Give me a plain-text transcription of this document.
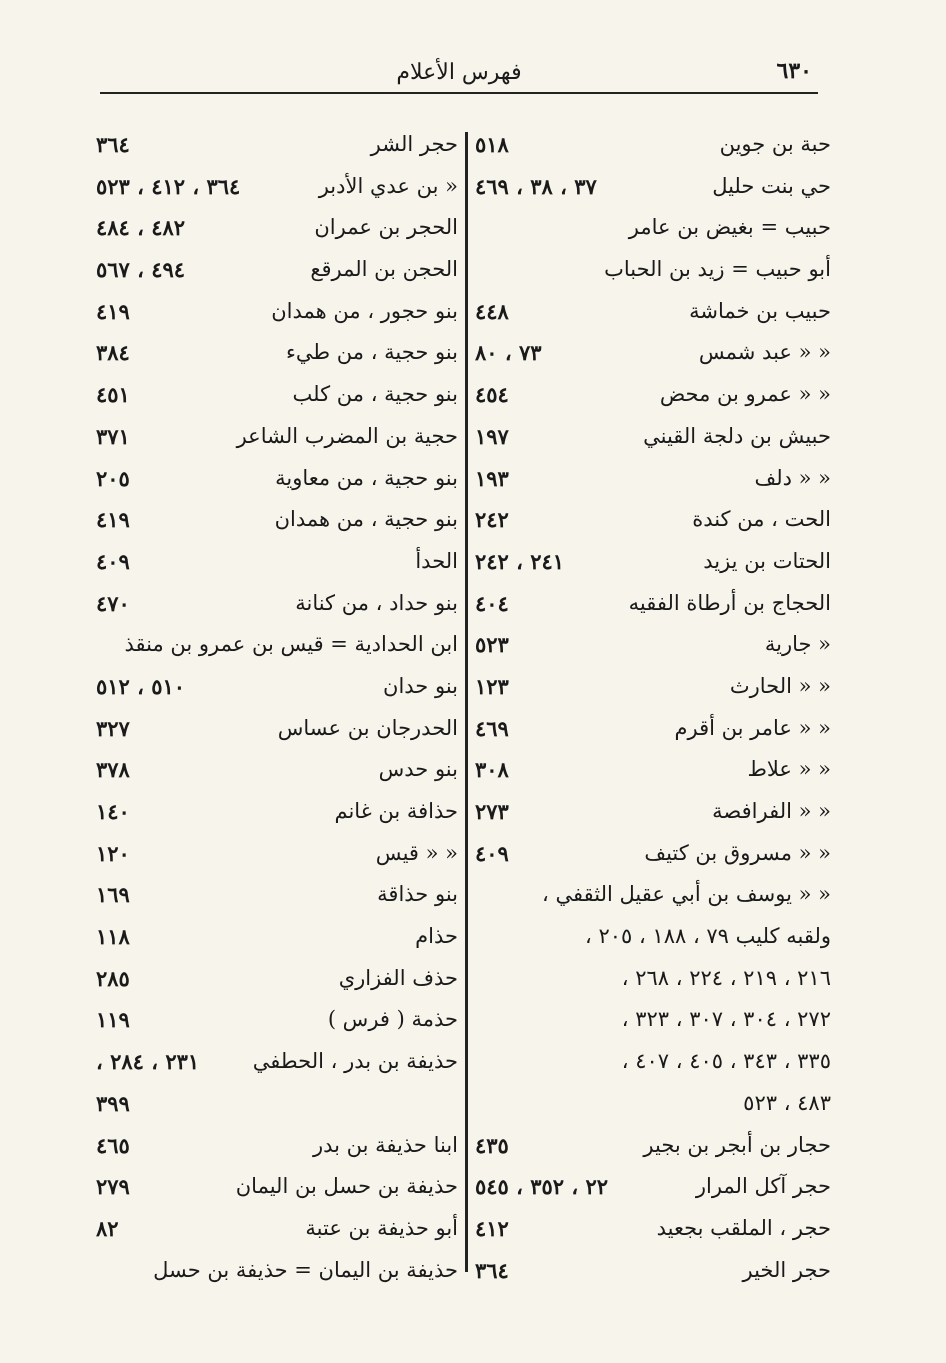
٦٣٠
فهرس الأعلام
حبة بن جوين
٥١٨
حي بنت حليل
٣٧ ، ٣٨ ، ٤٦٩
حبيب = بغيض بن عامر
أبو حبيب = زيد بن الحباب
حبيب بن خماشة
٤٤٨
« « عبد شمس
٧٣ ، ٨٠
« « عمرو بن محض
٤٥٤
حبيش بن دلجة القيني
١٩٧
« « دلف
١٩٣
الحت ، من كندة
٢٤٢
الحتات بن يزيد
٢٤١ ، ٢٤٢
الحجاج بن أرطاة الفقيه
٤٠٤
« جارية
٥٢٣
« « الحارث
١٢٣
« « عامر بن أقرم
٤٦٩
« « علاط
٣٠٨
« « الفرافصة
٢٧٣
« « مسروق بن كتيف
٤٠٩
« « يوسف بن أبي عقيل الثقفي ،
ولقبه كليب ٧٩ ، ١٨٨ ، ٢٠٥ ،
٢١٦ ، ٢١٩ ، ٢٢٤ ، ٢٦٨ ،
٢٧٢ ، ٣٠٤ ، ٣٠٧ ، ٣٢٣ ،
٣٣٥ ، ٣٤٣ ، ٤٠٥ ، ٤٠٧ ،
٤٨٣ ، ٥٢٣
حجار بن أبجر بن بجير
٤٣٥
حجر آكل المرار
٢٢ ، ٣٥٢ ، ٥٤٥
حجر ، الملقب بجعيد
٤١٢
حجر الخير
٣٦٤
حجر الشر
٣٦٤
« بن عدي الأدبر
٣٦٤ ، ٤١٢ ، ٥٢٣
الحجر بن عمران
٤٨٢ ، ٤٨٤
الحجن بن المرقع
٤٩٤ ، ٥٦٧
بنو حجور ، من همدان
٤١٩
بنو حجية ، من طيء
٣٨٤
بنو حجية ، من كلب
٤٥١
حجية بن المضرب الشاعر
٣٧١
بنو حجية ، من معاوية
٢٠٥
بنو حجية ، من همدان
٤١٩
الحدأ
٤٠٩
بنو حداد ، من كنانة
٤٧٠
ابن الحدادية = قيس بن عمرو بن منقذ
بنو حدان
٥١٠ ، ٥١٢
الحدرجان بن عساس
٣٢٧
بنو حدس
٣٧٨
حذافة بن غانم
١٤٠
« « قيس
١٢٠
بنو حذاقة
١٦٩
حذام
١١٨
حذف الفزاري
٢٨٥
حذمة ( فرس )
١١٩
حذيفة بن بدر ، الحطفي
٢٣١ ، ٢٨٤ ،
٣٩٩
ابنا حذيفة بن بدر
٤٦٥
حذيفة بن حسل بن اليمان
٢٧٩
أبو حذيفة بن عتبة
٨٢
حذيفة بن اليمان = حذيفة بن حسل
